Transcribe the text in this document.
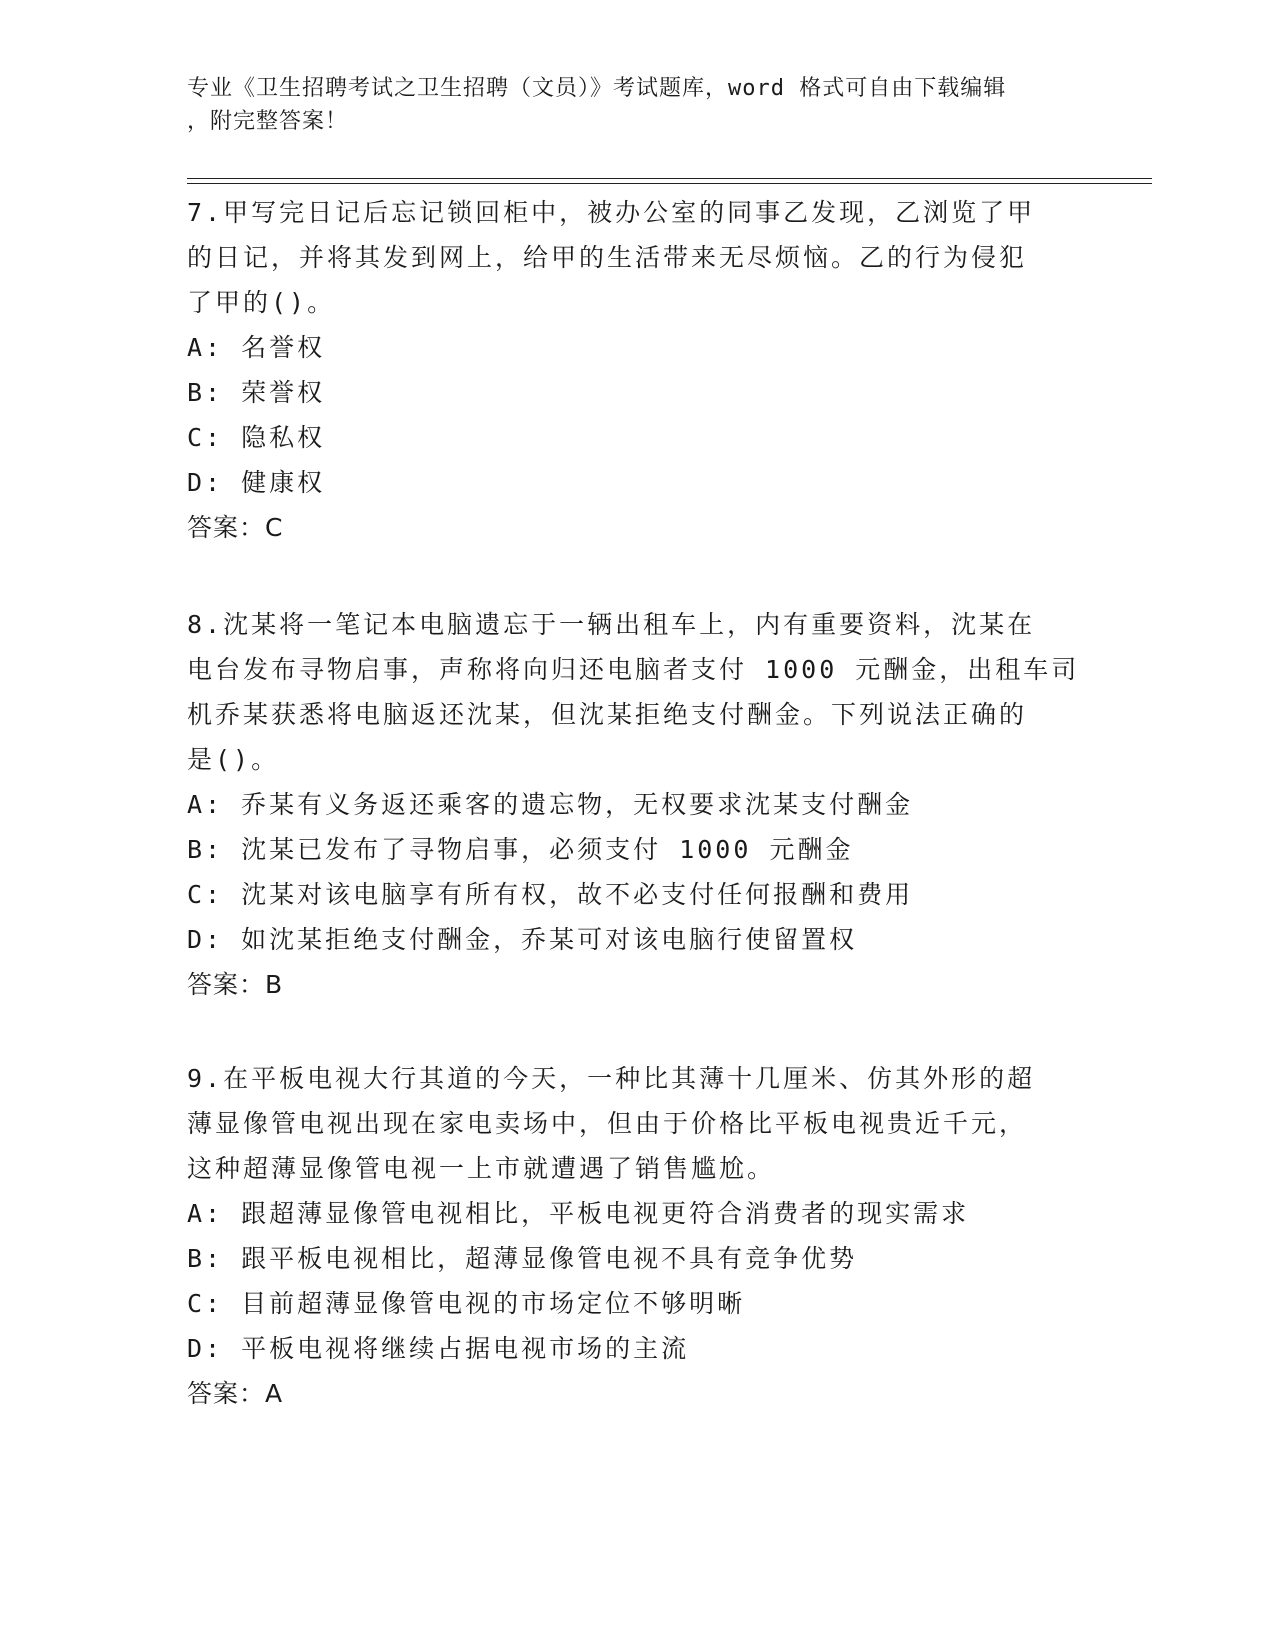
专业《卫生招聘考试之卫生招聘（文员）》考试题库，word 格式可自由下载编辑
，附完整答案！
7.甲写完日记后忘记锁回柜中，被办公室的同事乙发现，乙浏览了甲
的日记，并将其发到网上，给甲的生活带来无尽烦恼。乙的行为侵犯
了甲的()。
A: 名誉权
B: 荣誉权
C: 隐私权
D: 健康权
答案：C
8.沈某将一笔记本电脑遗忘于一辆出租车上，内有重要资料，沈某在
电台发布寻物启事，声称将向归还电脑者支付 1000 元酬金，出租车司
机乔某获悉将电脑返还沈某，但沈某拒绝支付酬金。下列说法正确的
是()。
A: 乔某有义务返还乘客的遗忘物，无权要求沈某支付酬金
B: 沈某已发布了寻物启事，必须支付 1000 元酬金
C: 沈某对该电脑享有所有权，故不必支付任何报酬和费用
D: 如沈某拒绝支付酬金，乔某可对该电脑行使留置权
答案：B
9.在平板电视大行其道的今天，一种比其薄十几厘米、仿其外形的超
薄显像管电视出现在家电卖场中，但由于价格比平板电视贵近千元，
这种超薄显像管电视一上市就遭遇了销售尴尬。
A: 跟超薄显像管电视相比，平板电视更符合消费者的现实需求
B: 跟平板电视相比，超薄显像管电视不具有竞争优势
C: 目前超薄显像管电视的市场定位不够明晰
D: 平板电视将继续占据电视市场的主流
答案：A
